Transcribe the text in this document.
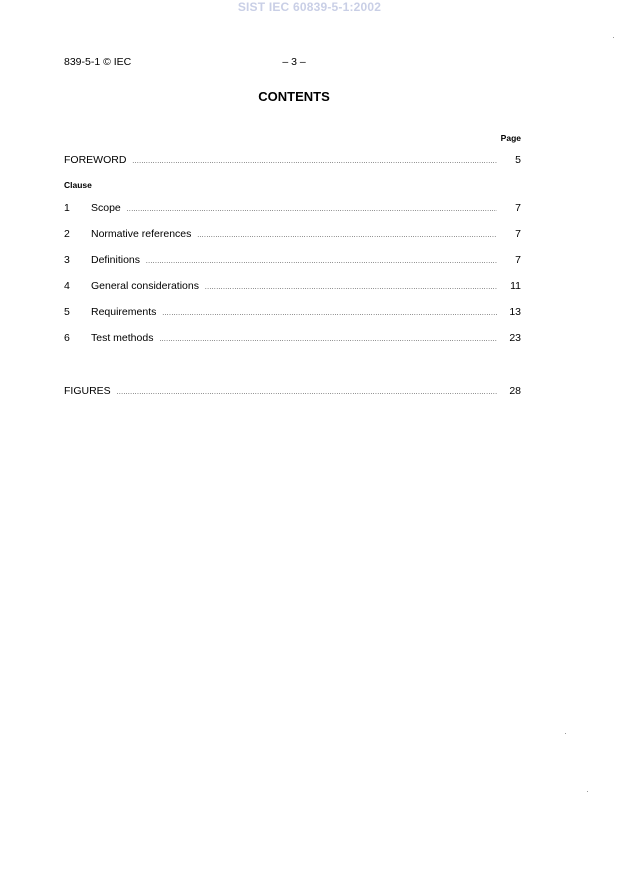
SIST IEC 60839-5-1:2002
839-5-1 © IEC	– 3 –
CONTENTS
Page
FOREWORD .....	5
Clause
1	Scope .....	7
2	Normative references .....	7
3	Definitions .....	7
4	General considerations .....	11
5	Requirements .....	13
6	Test methods .....	23
FIGURES .....	28
